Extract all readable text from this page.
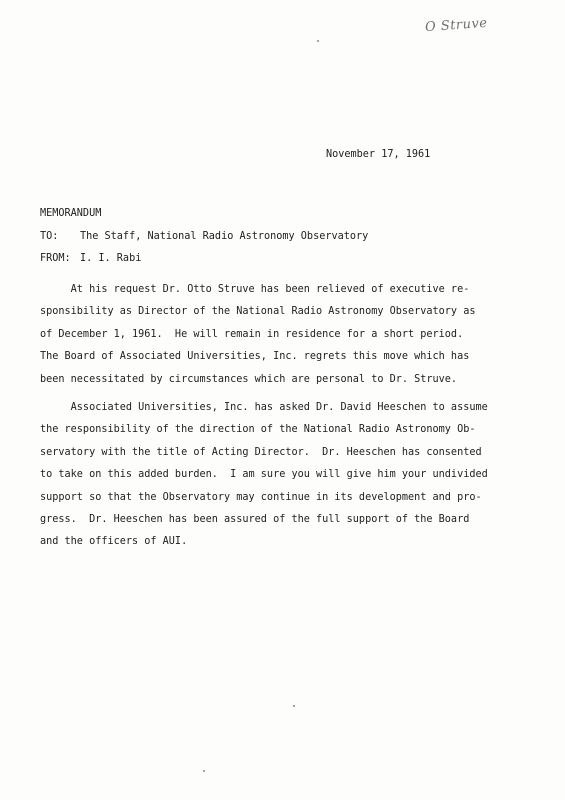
O Struve
November 17, 1961
MEMORANDUM
TO: The Staff, National Radio Astronomy Observatory
FROM: I. I. Rabi
At his request Dr. Otto Struve has been relieved of executive re-
sponsibility as Director of the National Radio Astronomy Observatory as
of December 1, 1961.  He will remain in residence for a short period.
The Board of Associated Universities, Inc. regrets this move which has
been necessitated by circumstances which are personal to Dr. Struve.
Associated Universities, Inc. has asked Dr. David Heeschen to assume
the responsibility of the direction of the National Radio Astronomy Ob-
servatory with the title of Acting Director.  Dr. Heeschen has consented
to take on this added burden.  I am sure you will give him your undivided
support so that the Observatory may continue in its development and pro-
gress.  Dr. Heeschen has been assured of the full support of the Board
and the officers of AUI.
